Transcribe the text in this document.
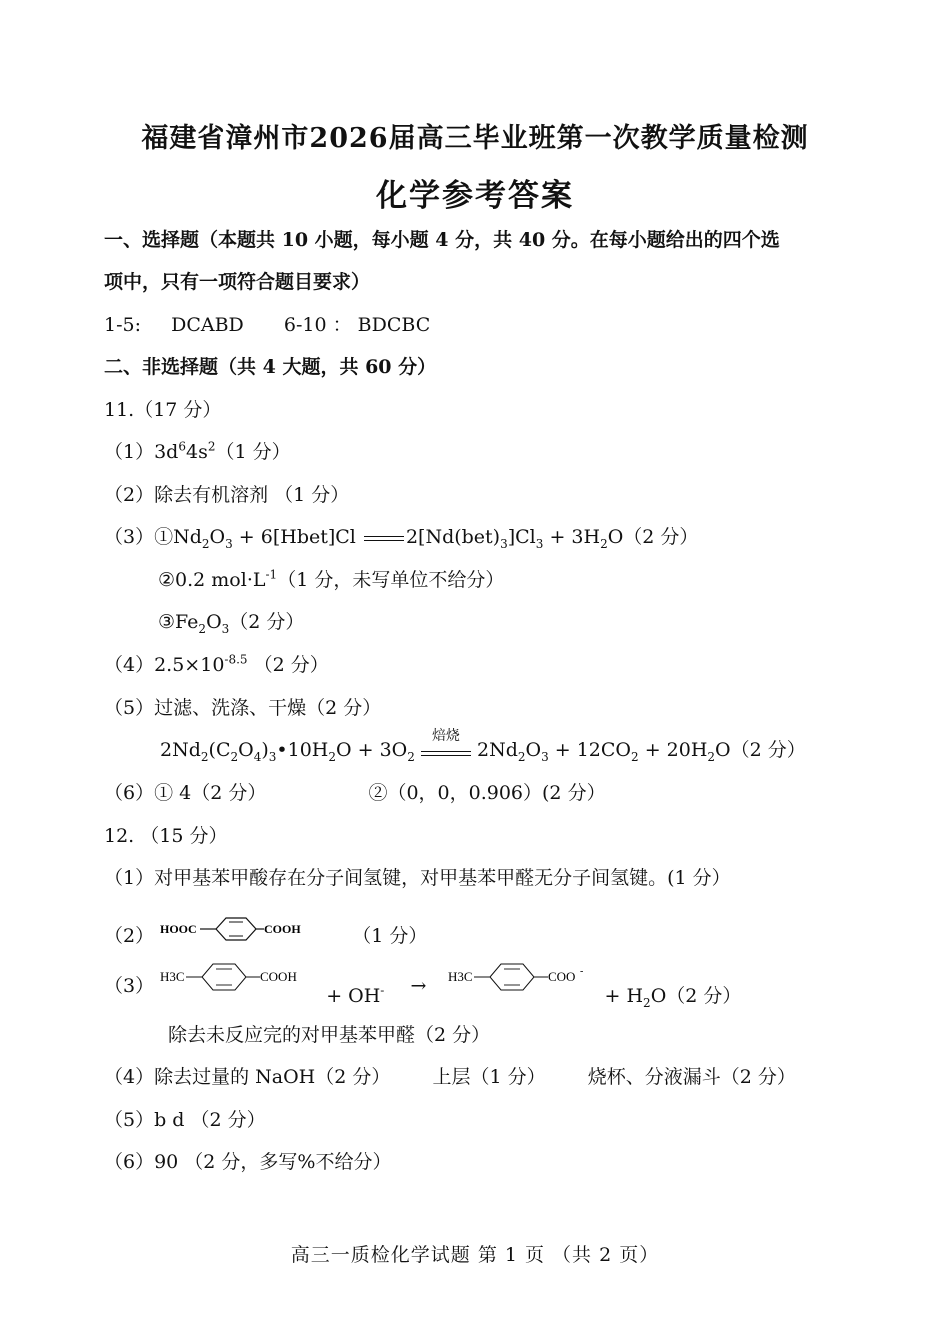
福建省漳州市2026届高三毕业班第一次教学质量检测
化学参考答案
一、选择题（本题共 10 小题，每小题 4 分，共 40 分。在每小题给出的四个选
项中，只有一项符合题目要求）
1-5: DCABD 6-10 ： BDCBC
二、非选择题（共 4 大题，共 60 分）
11.（17 分）
$(1)3d^64s^2(1$ 分）
（2）除去有机溶剂 （1 分）
$(3)①Nd_2O_3$ + 6[Hbet]Cl $2[Nd(bet)_3]Cl_3 + 3H_2O(2$ 分）
②0.2 $mol\cdot L^{-1}(1$ 分，未写单位不给分）
$③Fe_2O_3(2$ 分）
$(4)2.5\times 10^{-8.5}$ （2 分）
（5）过滤、洗涤、干燥（2 分）
$2Nd_2(C_2O_4)_3•10H_2O + 3O_2$
焙烧
$2Nd_2O_3 + 12CO_2 + 20H_2O(2$ 分）
（6）① 4（2 分）	②（0，0，0.906）(2 分）
12. （15 分）
（1）对甲基苯甲酸存在分子间氢键，对甲基苯甲醛无分子间氢键。(1 分）
（2） HOOC	COOH	（1 分）
（3） H3C	COOH
+ OH- → H3C	COO -
+ $H_2O(2$ 分）
除去未反应完的对甲基苯甲醛（2 分）
（4）除去过量的 NaOH（2 分） 上层（1 分） 烧杯、分液漏斗（2 分）
（5）b d （2 分）
（6）90 （2 分，多写%不给分）
高三一质检化学试题 第 1 页 （共 2 页）
